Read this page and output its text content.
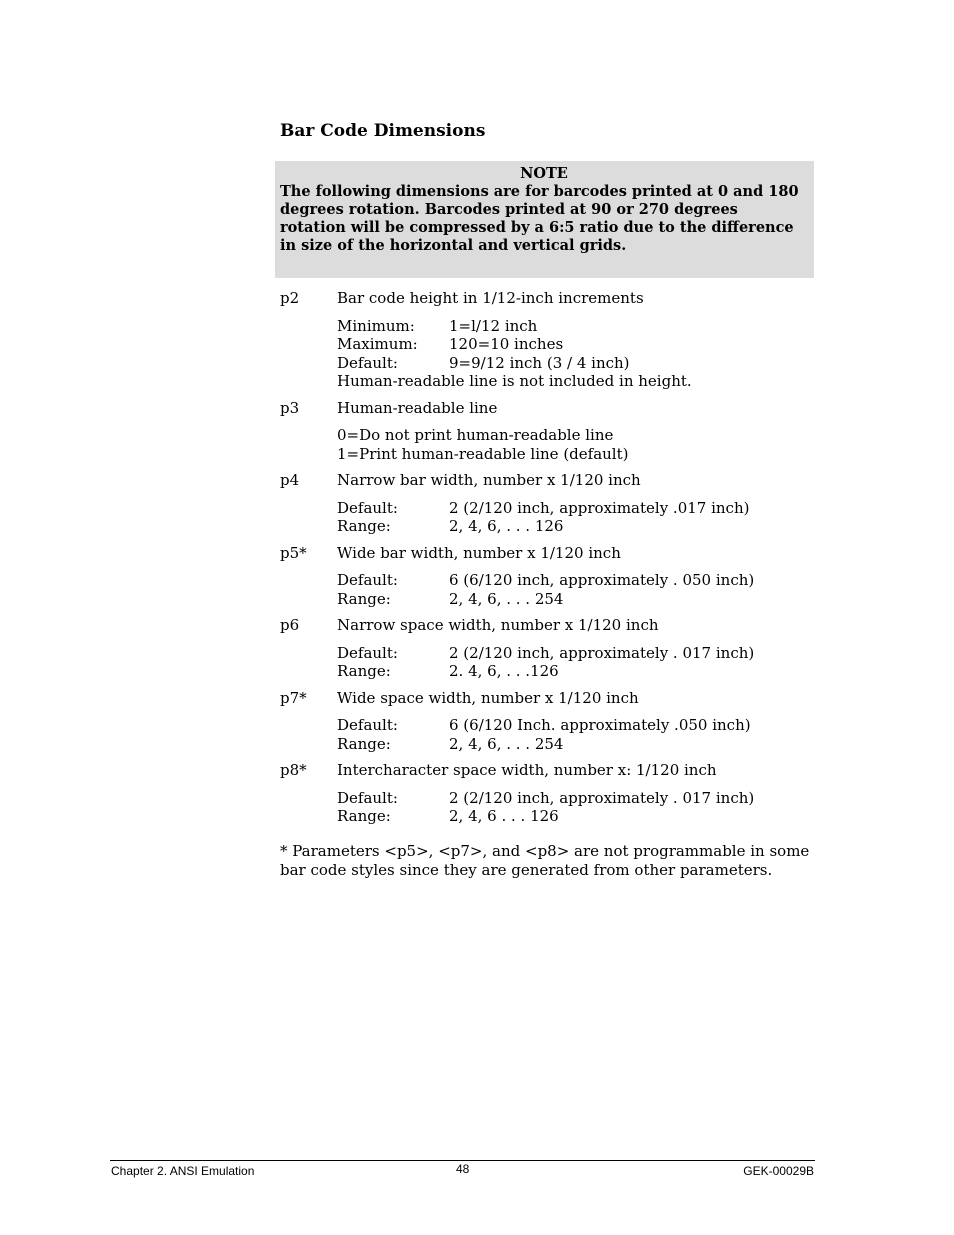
Bar Code Dimensions
NOTE
The following dimensions are for barcodes printed at 0 and 180 degrees rotation. Barcodes printed at 90 or 270 degrees rotation will be compressed by a 6:5 ratio due to the difference in size of the horizontal and vertical grids.
p2	Bar code height in 1/12-inch increments
Minimum:	1=l/12 inch
Maximum:	120=10 inches
Default:	9=9/12 inch (3 / 4 inch)
Human-readable line is not included in height.
p3	Human-readable line
0=Do not print human-readable line
1=Print human-readable line (default)
p4	Narrow bar width, number x 1/120 inch
Default:	2 (2/120 inch, approximately .017 inch)
Range:	2, 4, 6, . . . 126
p5*	Wide bar width, number x 1/120 inch
Default:	6 (6/120 inch, approximately . 050 inch)
Range:	2, 4, 6, . . . 254
p6	Narrow space width, number x 1/120 inch
Default:	2 (2/120 inch, approximately . 017 inch)
Range:	2. 4, 6, . . .126
p7*	Wide space width, number x 1/120 inch
Default:	6 (6/120 Inch. approximately .050 inch)
Range:	2, 4, 6, . . . 254
p8*	Intercharacter space width, number x: 1/120 inch
Default:	2 (2/120 inch, approximately . 017 inch)
Range:	2, 4, 6 . . . 126

* Parameters <p5>, <p7>, and <p8> are not programmable in some bar code styles since they are generated from other parameters.

Chapter 2. ANSI Emulation	48	GEK-00029B
